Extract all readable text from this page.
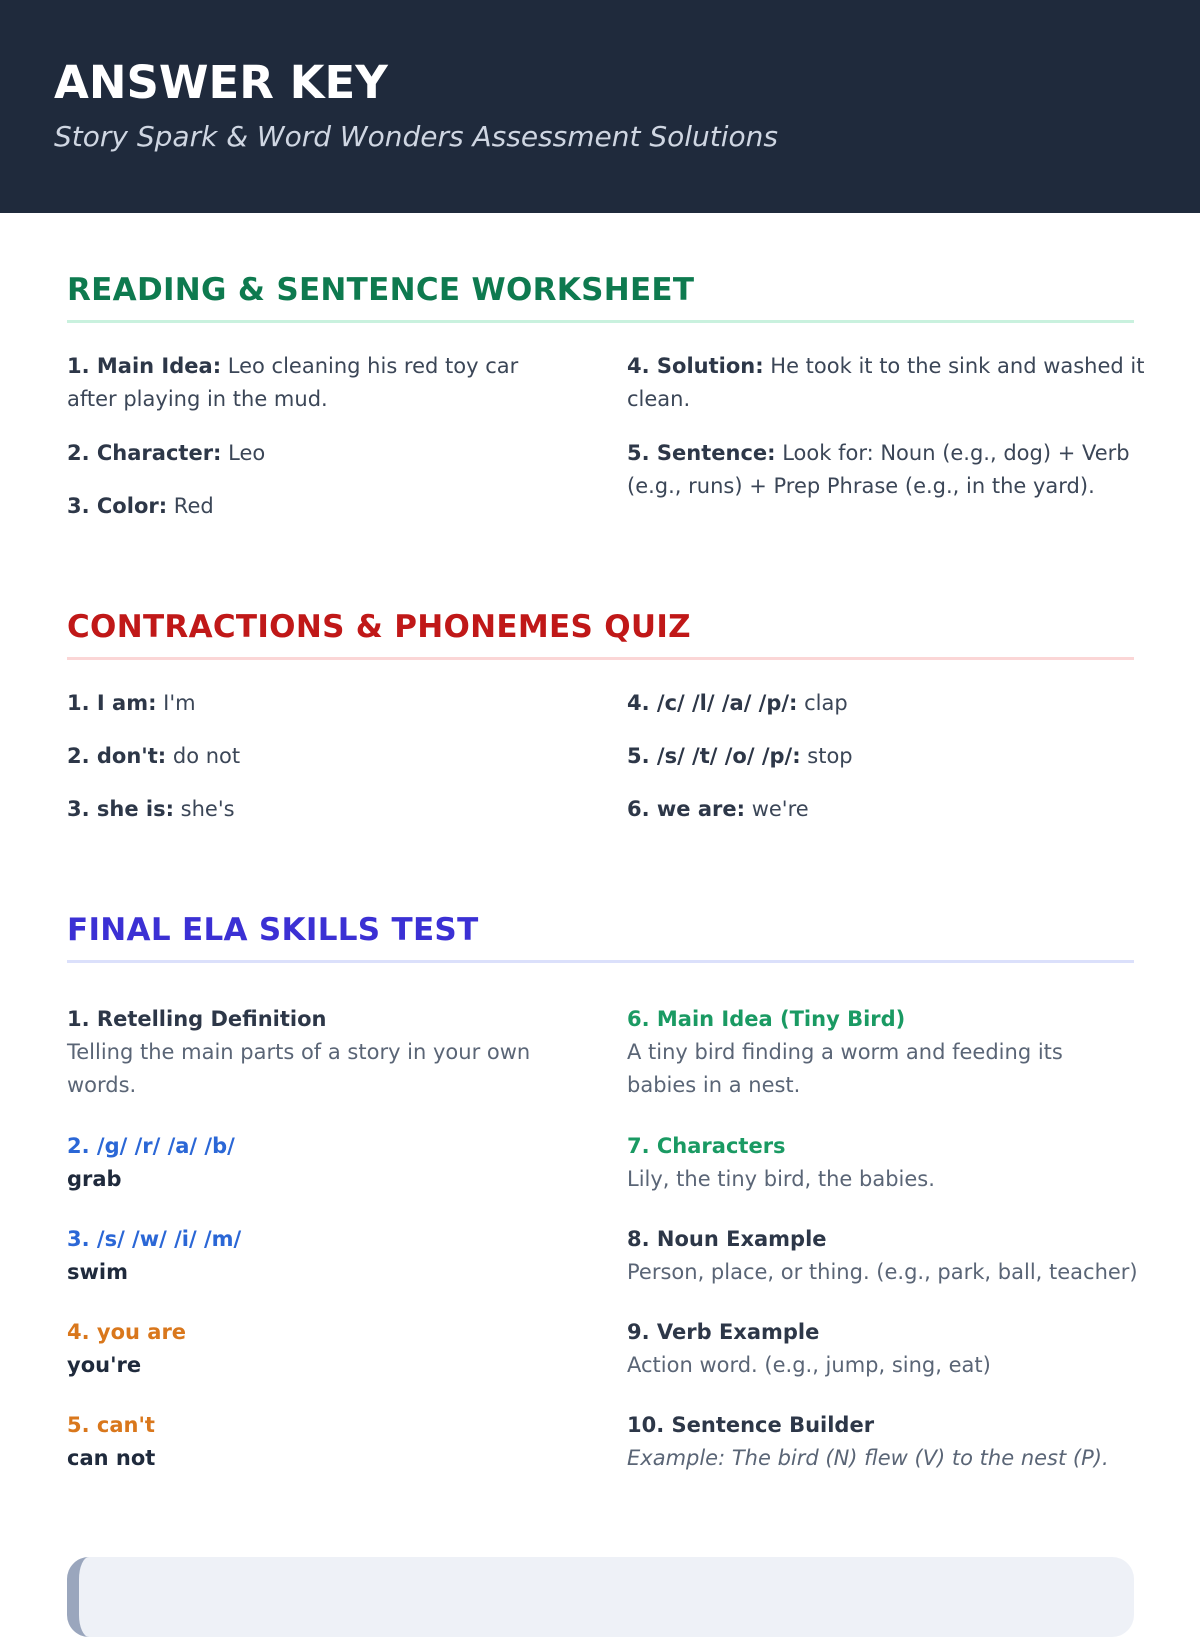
ANSWER KEY
Story Spark & Word Wonders Assessment Solutions
READING & SENTENCE WORKSHEET
1. Main Idea: Leo cleaning his red toy car after playing in the mud.
2. Character: Leo
3. Color: Red
4. Solution: He took it to the sink and washed it clean.
5. Sentence: Look for: Noun (e.g., dog) + Verb (e.g., runs) + Prep Phrase (e.g., in the yard).
CONTRACTIONS & PHONEMES QUIZ
1. I am: I'm
2. don't: do not
3. she is: she's
4. /c/ /l/ /a/ /p/: clap
5. /s/ /t/ /o/ /p/: stop
6. we are: we're
FINAL ELA SKILLS TEST
1. Retelling Definition
Telling the main parts of a story in your own words.
2. /g/ /r/ /a/ /b/
grab
3. /s/ /w/ /i/ /m/
swim
4. you are
you're
5. can't
can not
6. Main Idea (Tiny Bird)
A tiny bird finding a worm and feeding its babies in a nest.
7. Characters
Lily, the tiny bird, the babies.
8. Noun Example
Person, place, or thing. (e.g., park, ball, teacher)
9. Verb Example
Action word. (e.g., jump, sing, eat)
10. Sentence Builder
Example: The bird (N) flew (V) to the nest (P).
